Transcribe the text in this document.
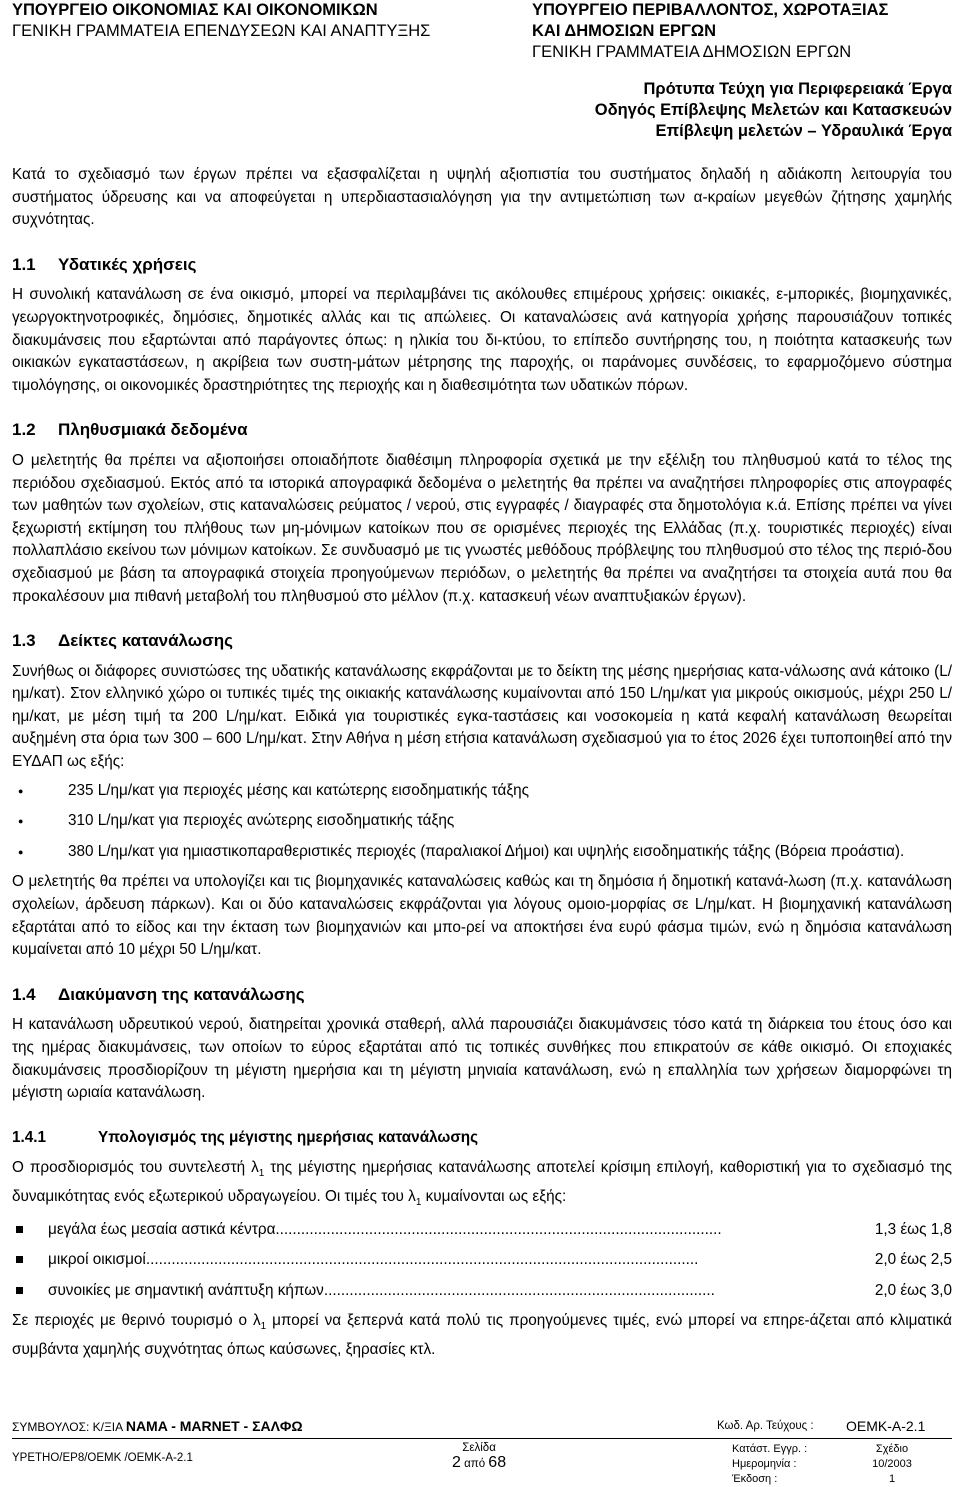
ΥΠΟΥΡΓΕΙΟ ΟΙΚΟΝΟΜΙΑΣ ΚΑΙ ΟΙΚΟΝΟΜΙΚΩΝ
ΓΕΝΙΚΗ ΓΡΑΜΜΑΤΕΙΑ ΕΠΕΝΔΥΣΕΩΝ ΚΑΙ ΑΝΑΠΤΥΞΗΣ
ΥΠΟΥΡΓΕΙΟ ΠΕΡΙΒΑΛΛΟΝΤΟΣ, ΧΩΡΟΤΑΞΙΑΣ
ΚΑΙ ΔΗΜΟΣΙΩΝ ΕΡΓΩΝ
ΓΕΝΙΚΗ ΓΡΑΜΜΑΤΕΙΑ ΔΗΜΟΣΙΩΝ ΕΡΓΩΝ
Πρότυπα Τεύχη για Περιφερειακά Έργα
Οδηγός Επίβλεψης Μελετών και Κατασκευών
Επίβλεψη μελετών – Υδραυλικά Έργα

Κατά το σχεδιασμό των έργων πρέπει να εξασφαλίζεται η υψηλή αξιοπιστία του συστήματος δηλαδή η αδιάκοπη λειτουργία του συστήματος ύδρευσης και να αποφεύγεται η υπερδιαστασιαλόγηση για την αντιμετώπιση των α-κραίων μεγεθών ζήτησης χαμηλής συχνότητας.

1.1	Υδατικές χρήσεις

Η συνολική κατανάλωση σε ένα οικισμό, μπορεί να περιλαμβάνει τις ακόλουθες επιμέρους χρήσεις: οικιακές, ε-μπορικές, βιομηχανικές, γεωργοκτηνοτροφικές, δημόσιες, δημοτικές αλλάς και τις απώλειες. Οι καταναλώσεις ανά κατηγορία χρήσης παρουσιάζουν τοπικές διακυμάνσεις που εξαρτώνται από παράγοντες όπως: η ηλικία του δι-κτύου, το επίπεδο συντήρησης του, η ποιότητα κατασκευής των οικιακών εγκαταστάσεων, η ακρίβεια των συστη-μάτων μέτρησης της παροχής, οι παράνομες συνδέσεις, το εφαρμοζόμενο σύστημα τιμολόγησης, οι οικονομικές δραστηριότητες της περιοχής και η διαθεσιμότητα των υδατικών πόρων.

1.2	Πληθυσμιακά δεδομένα

Ο μελετητής θα πρέπει να αξιοποιήσει οποιαδήποτε διαθέσιμη πληροφορία σχετικά με την εξέλιξη του πληθυσμού κατά το τέλος της περιόδου σχεδιασμού. Εκτός από τα ιστορικά απογραφικά δεδομένα ο μελετητής θα πρέπει να αναζητήσει πληροφορίες στις απογραφές των μαθητών των σχολείων, στις καταναλώσεις ρεύματος / νερού, στις εγγραφές / διαγραφές στα δημοτολόγια κ.ά. Επίσης πρέπει να γίνει ξεχωριστή εκτίμηση του πλήθους των μη-μόνιμων κατοίκων που σε ορισμένες περιοχές της Ελλάδας (π.χ. τουριστικές περιοχές) είναι πολλαπλάσιο εκείνου των μόνιμων κατοίκων. Σε συνδυασμό με τις γνωστές μεθόδους πρόβλεψης του πληθυσμού στο τέλος της περιό-δου σχεδιασμού με βάση τα απογραφικά στοιχεία προηγούμενων περιόδων, ο μελετητής θα πρέπει να αναζητήσει τα στοιχεία αυτά που θα προκαλέσουν μια πιθανή μεταβολή του πληθυσμού στο μέλλον (π.χ. κατασκευή νέων αναπτυξιακών έργων).

1.3	Δείκτες κατανάλωσης

Συνήθως οι διάφορες συνιστώσες της υδατικής κατανάλωσης εκφράζονται με το δείκτη της μέσης ημερήσιας κατα-νάλωσης ανά κάτοικο (L/ημ/κατ). Στον ελληνικό χώρο οι τυπικές τιμές της οικιακής κατανάλωσης κυμαίνονται από 150 L/ημ/κατ για μικρούς οικισμούς, μέχρι 250 L/ημ/κατ, με μέση τιμή τα 200 L/ημ/κατ. Ειδικά για τουριστικές εγκα-ταστάσεις και νοσοκομεία η κατά κεφαλή κατανάλωση θεωρείται αυξημένη στα όρια των 300 – 600 L/ημ/κατ. Στην Αθήνα η μέση ετήσια κατανάλωση σχεδιασμού για το έτος 2026 έχει τυποποιηθεί από την ΕΥΔΑΠ ως εξής:

● 235 L/ημ/κατ για περιοχές μέσης και κατώτερης εισοδηματικής τάξης
● 310 L/ημ/κατ για περιοχές ανώτερης εισοδηματικής τάξης
● 380 L/ημ/κατ για ημιαστικοπαραθεριστικές περιοχές (παραλιακοί Δήμοι) και υψηλής εισοδηματικής τάξης (Βόρεια προάστια).

Ο μελετητής θα πρέπει να υπολογίζει και τις βιομηχανικές καταναλώσεις καθώς και τη δημόσια ή δημοτική κατανά-λωση (π.χ. κατανάλωση σχολείων, άρδευση πάρκων). Και οι δύο καταναλώσεις εκφράζονται για λόγους ομοιο-μορφίας σε L/ημ/κατ. Η βιομηχανική κατανάλωση εξαρτάται από το είδος και την έκταση των βιομηχανιών και μπο-ρεί να αποκτήσει ένα ευρύ φάσμα τιμών, ενώ η δημόσια κατανάλωση κυμαίνεται από 10 μέχρι 50 L/ημ/κατ.

1.4	Διακύμανση της κατανάλωσης

Η κατανάλωση υδρευτικού νερού, διατηρείται χρονικά σταθερή, αλλά παρουσιάζει διακυμάνσεις τόσο κατά τη διάρκεια του έτους όσο και της ημέρας διακυμάνσεις, των οποίων το εύρος εξαρτάται από τις τοπικές συνθήκες που επικρατούν σε κάθε οικισμό. Οι εποχιακές διακυμάνσεις προσδιορίζουν τη μέγιστη ημερήσια και τη μέγιστη μηνιαία κατανάλωση, ενώ η επαλληλία των χρήσεων διαμορφώνει τη μέγιστη ωριαία κατανάλωση.

1.4.1	Υπολογισμός της μέγιστης ημερήσιας κατανάλωσης

Ο προσδιορισμός του συντελεστή $\lambda_1$ της μέγιστης ημερήσιας κατανάλωσης αποτελεί κρίσιμη επιλογή, καθοριστική για το σχεδιασμό της δυναμικότητας ενός εξωτερικού υδραγωγείου. Οι τιμές του $\lambda_1$ κυμαίνονται ως εξής:

μεγάλα έως μεσαία αστικά κέντρα .........................................................................................................	1,3 έως 1,8
μικροί οικισμοί ..................................................................................................................................	2,0 έως 2,5
συνοικίες με σημαντική ανάπτυξη κήπων ............................................................................................	2,0 έως 3,0

Σε περιοχές με θερινό τουρισμό ο $\lambda_1$ μπορεί να ξεπερνά κατά πολύ τις προηγούμενες τιμές, ενώ μπορεί να επηρε-άζεται από κλιματικά συμβάντα χαμηλής συχνότητας όπως καύσωνες, ξηρασίες κτλ.

ΣΥΜΒΟΥΛΟΣ: Κ/ΞΙΑ NAMA - MARNET - ΣΑΛΦΩ	Κωδ. Αρ. Τεύχους : OEMK-A-2.1
ΥΡΕΤΗΟ/ΕΡ8/ΟΕΜΚ /ΟΕΜΚ-Α-2.1
Σελίδα
2 από 68
Κατάστ. Εγγρ. :	Σχέδιο
Ημερομηνία :	10/2003
Έκδοση :	1
